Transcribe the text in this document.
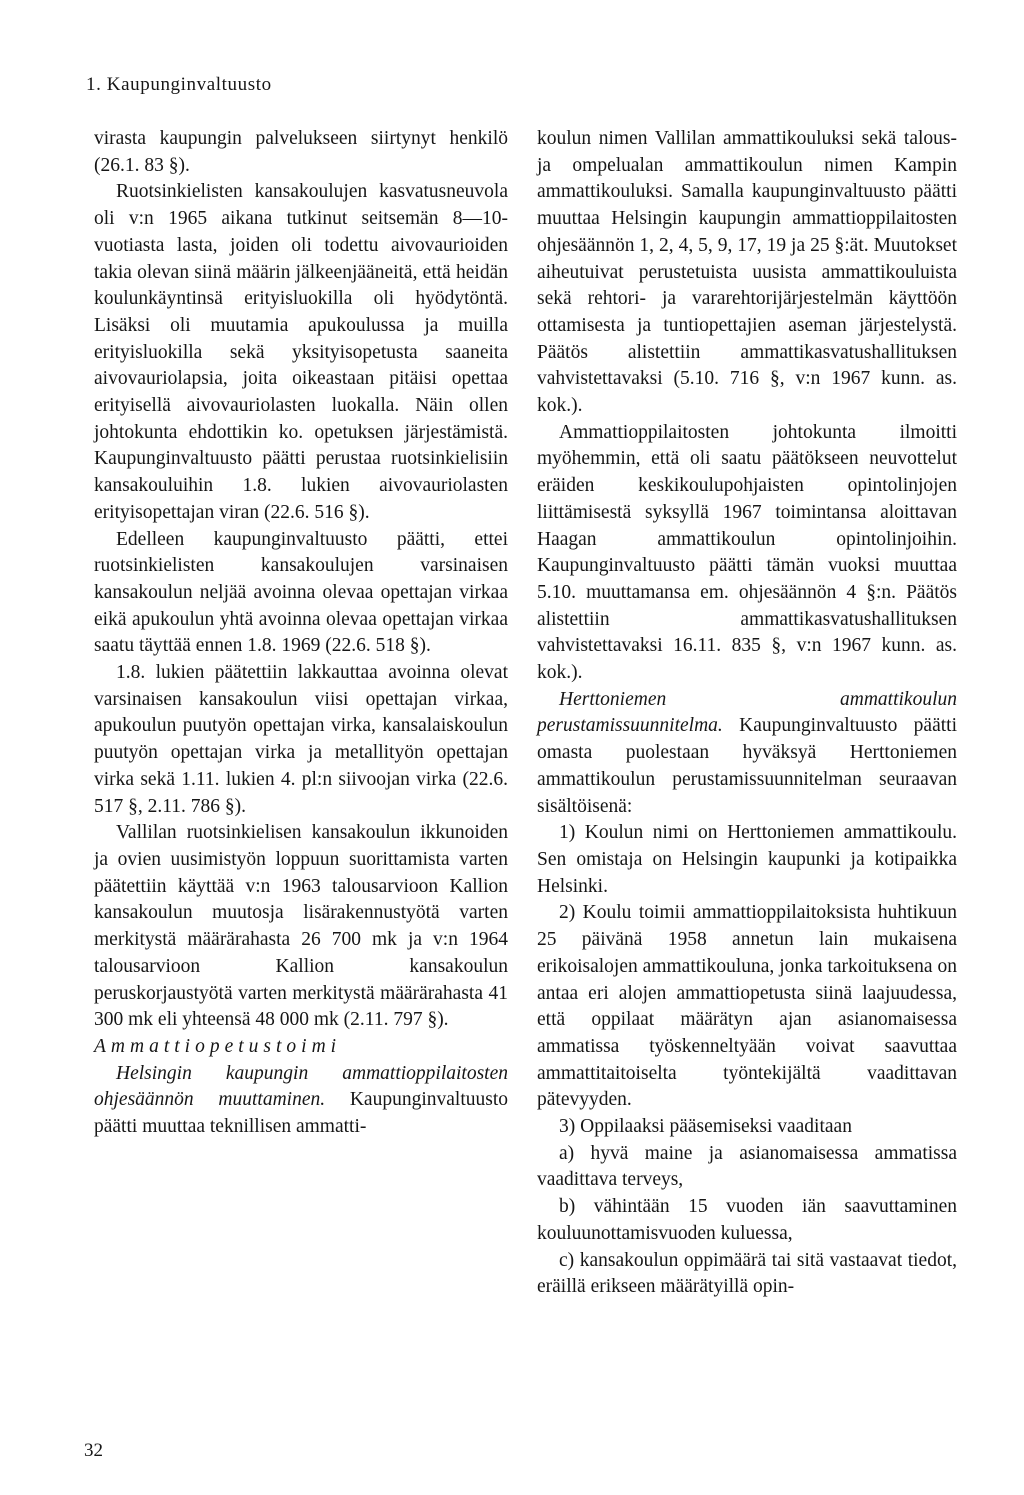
1. Kaupunginvaltuusto

virasta kaupungin palvelukseen siirtynyt henkilö (26.1. 83 §).

Ruotsinkielisten kansakoulujen kasvatusneuvola oli v:n 1965 aikana tutkinut seitsemän 8—10-vuotiasta lasta, joiden oli todettu aivovaurioiden takia olevan siinä määrin jälkeenjääneitä, että heidän koulunkäyntinsä erityisluokilla oli hyödytöntä. Lisäksi oli muutamia apukoulussa ja muilla erityisluokilla sekä yksityisopetusta saaneita aivovauriolapsia, joita oikeastaan pitäisi opettaa erityisellä aivovauriolasten luokalla. Näin ollen johtokunta ehdottikin ko. opetuksen järjestämistä. Kaupunginvaltuusto päätti perustaa ruotsinkielisiin kansakouluihin 1.8. lukien aivovauriolasten erityisopettajan viran (22.6. 516 §).

Edelleen kaupunginvaltuusto päätti, ettei ruotsinkielisten kansakoulujen varsinaisen kansakoulun neljää avoinna olevaa opettajan virkaa eikä apukoulun yhtä avoinna olevaa opettajan virkaa saatu täyttää ennen 1.8. 1969 (22.6. 518 §).

1.8. lukien päätettiin lakkauttaa avoinna olevat varsinaisen kansakoulun viisi opettajan virkaa, apukoulun puutyön opettajan virka, kansalaiskoulun puutyön opettajan virka ja metallityön opettajan virka sekä 1.11. lukien 4. pl:n siivoojan virka (22.6. 517 §, 2.11. 786 §).

Vallilan ruotsinkielisen kansakoulun ikkunoiden ja ovien uusimistyön loppuun suorittamista varten päätettiin käyttää v:n 1963 talousarvioon Kallion kansakoulun muutosja lisärakennustyötä varten merkitystä määrärahasta 26 700 mk ja v:n 1964 talousarvioon Kallion kansakoulun peruskorjaustyötä varten merkitystä määrärahasta 41 300 mk eli yhteensä 48 000 mk (2.11. 797 §).

Ammattiopetustoimi

Helsingin kaupungin ammattioppilaitosten ohjesäännön muuttaminen. Kaupunginvaltuusto päätti muuttaa teknillisen ammatti-

koulun nimen Vallilan ammattikouluksi sekä talous- ja ompelualan ammattikoulun nimen Kampin ammattikouluksi. Samalla kaupunginvaltuusto päätti muuttaa Helsingin kaupungin ammattioppilaitosten ohjesäännön 1, 2, 4, 5, 9, 17, 19 ja 25 §:ät. Muutokset aiheutuivat perustetuista uusista ammattikouluista sekä rehtori- ja vararehtorijärjestelmän käyttöön ottamisesta ja tuntiopettajien aseman järjestelystä. Päätös alistettiin ammattikasvatushallituksen vahvistettavaksi (5.10. 716 §, v:n 1967 kunn. as. kok.).

Ammattioppilaitosten johtokunta ilmoitti myöhemmin, että oli saatu päätökseen neuvottelut eräiden keskikoulupohjaisten opintolinjojen liittämisestä syksyllä 1967 toimintansa aloittavan Haagan ammattikoulun opintolinjoihin. Kaupunginvaltuusto päätti tämän vuoksi muuttaa 5.10. muuttamansa em. ohjesäännön 4 §:n. Päätös alistettiin ammattikasvatushallituksen vahvistettavaksi 16.11. 835 §, v:n 1967 kunn. as. kok.).

Herttoniemen ammattikoulun perustamissuunnitelma. Kaupunginvaltuusto päätti omasta puolestaan hyväksyä Herttoniemen ammattikoulun perustamissuunnitelman seuraavan sisältöisenä:

1) Koulun nimi on Herttoniemen ammattikoulu. Sen omistaja on Helsingin kaupunki ja kotipaikka Helsinki.

2) Koulu toimii ammattioppilaitoksista huhtikuun 25 päivänä 1958 annetun lain mukaisena erikoisalojen ammattikouluna, jonka tarkoituksena on antaa eri alojen ammattiopetusta siinä laajuudessa, että oppilaat määrätyn ajan asianomaisessa ammatissa työskenneltyään voivat saavuttaa ammattitaitoiselta työntekijältä vaadittavan pätevyyden.

3) Oppilaaksi pääsemiseksi vaaditaan

a) hyvä maine ja asianomaisessa ammatissa vaadittava terveys,

b) vähintään 15 vuoden iän saavuttaminen kouluunottamisvuoden kuluessa,

c) kansakoulun oppimäärä tai sitä vastaavat tiedot, eräillä erikseen määrätyillä opin-

32
